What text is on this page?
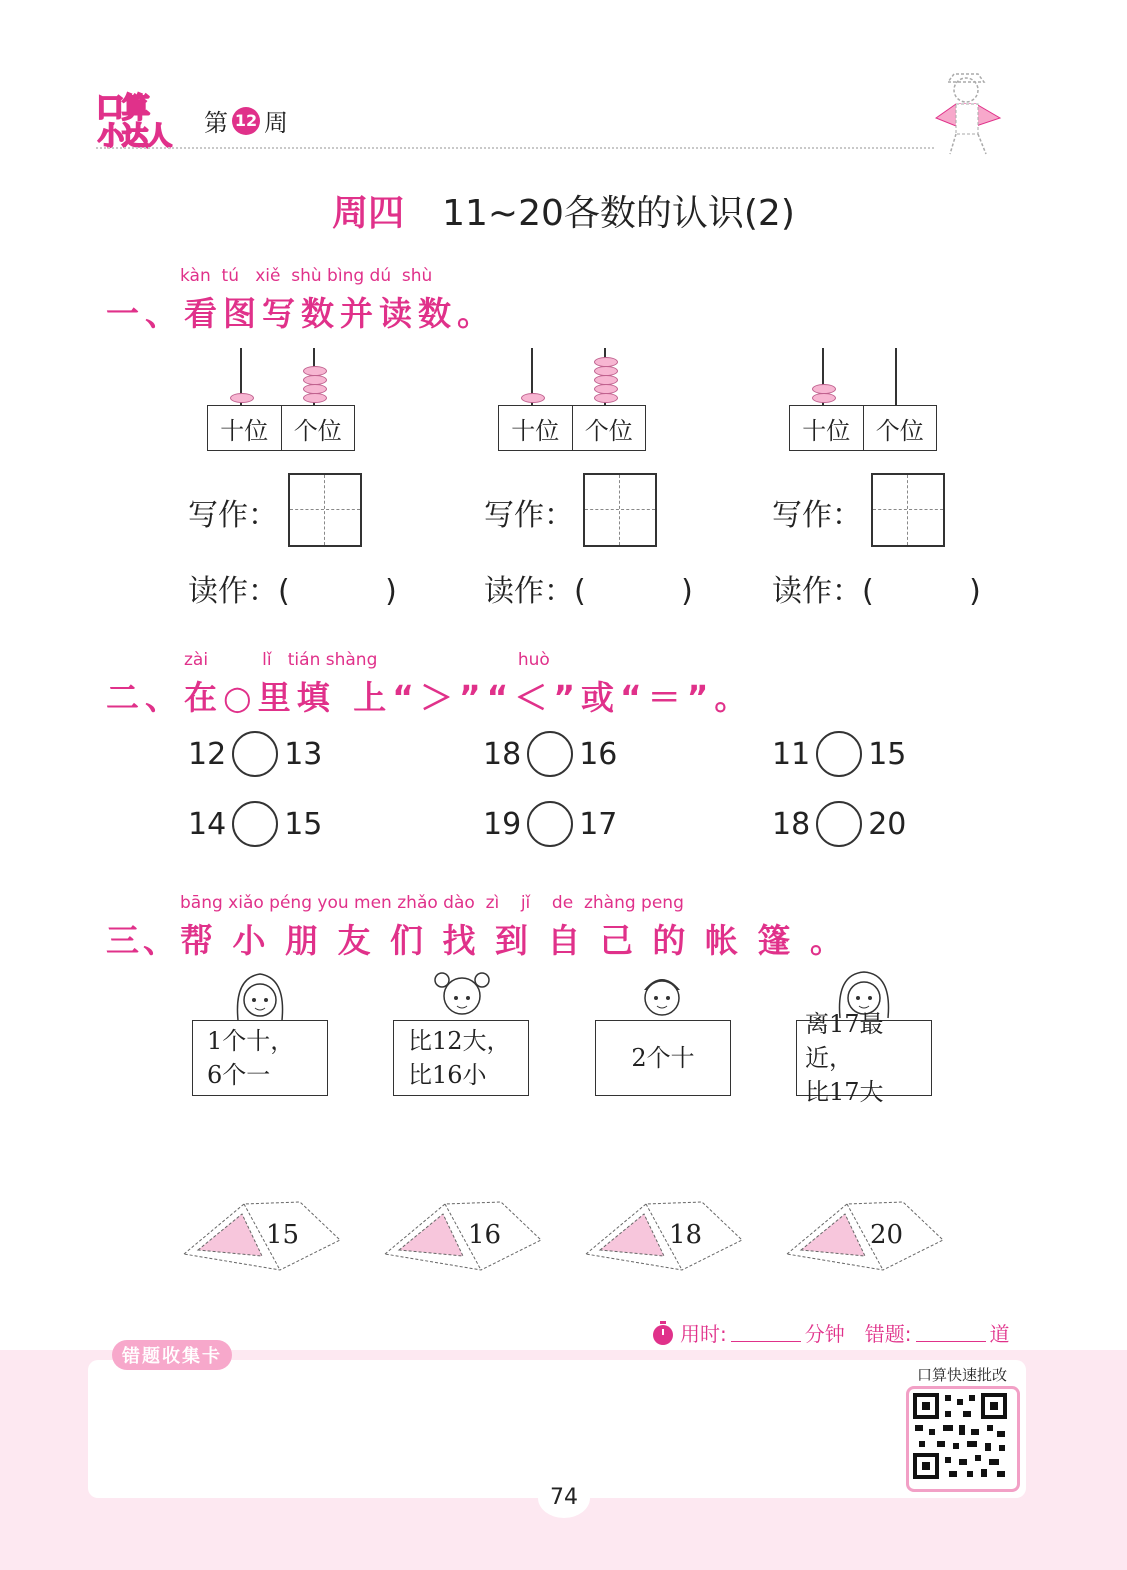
口算
小达人 第 12 周
周四 11~20各数的认识(2)
kàn  tú   xiě  shù bìng dú  shù
一、看图写数并读数。
十位	个位	十位	个位	十位	个位
写作：	写作：	写作：
读作：(          )	读作：(          )	读作：(          )
zài          lǐ   tián shàng                          huò
二、在○里填 上“＞”“＜”或“＝”。
12 13	18 16	11 15
14 15	19 17	18 20
bāng xiǎo péng you men zhǎo dào  zì    jǐ    de  zhàng peng
三、帮 小 朋 友 们 找 到 自 己 的 帐 篷 。
1个十，
6个一
比12大，
比16小
2个十
离17最近，
比17大
15	16	18	20
错题收集卡
用时:	分钟 错题:	道
口算快速批改
74
